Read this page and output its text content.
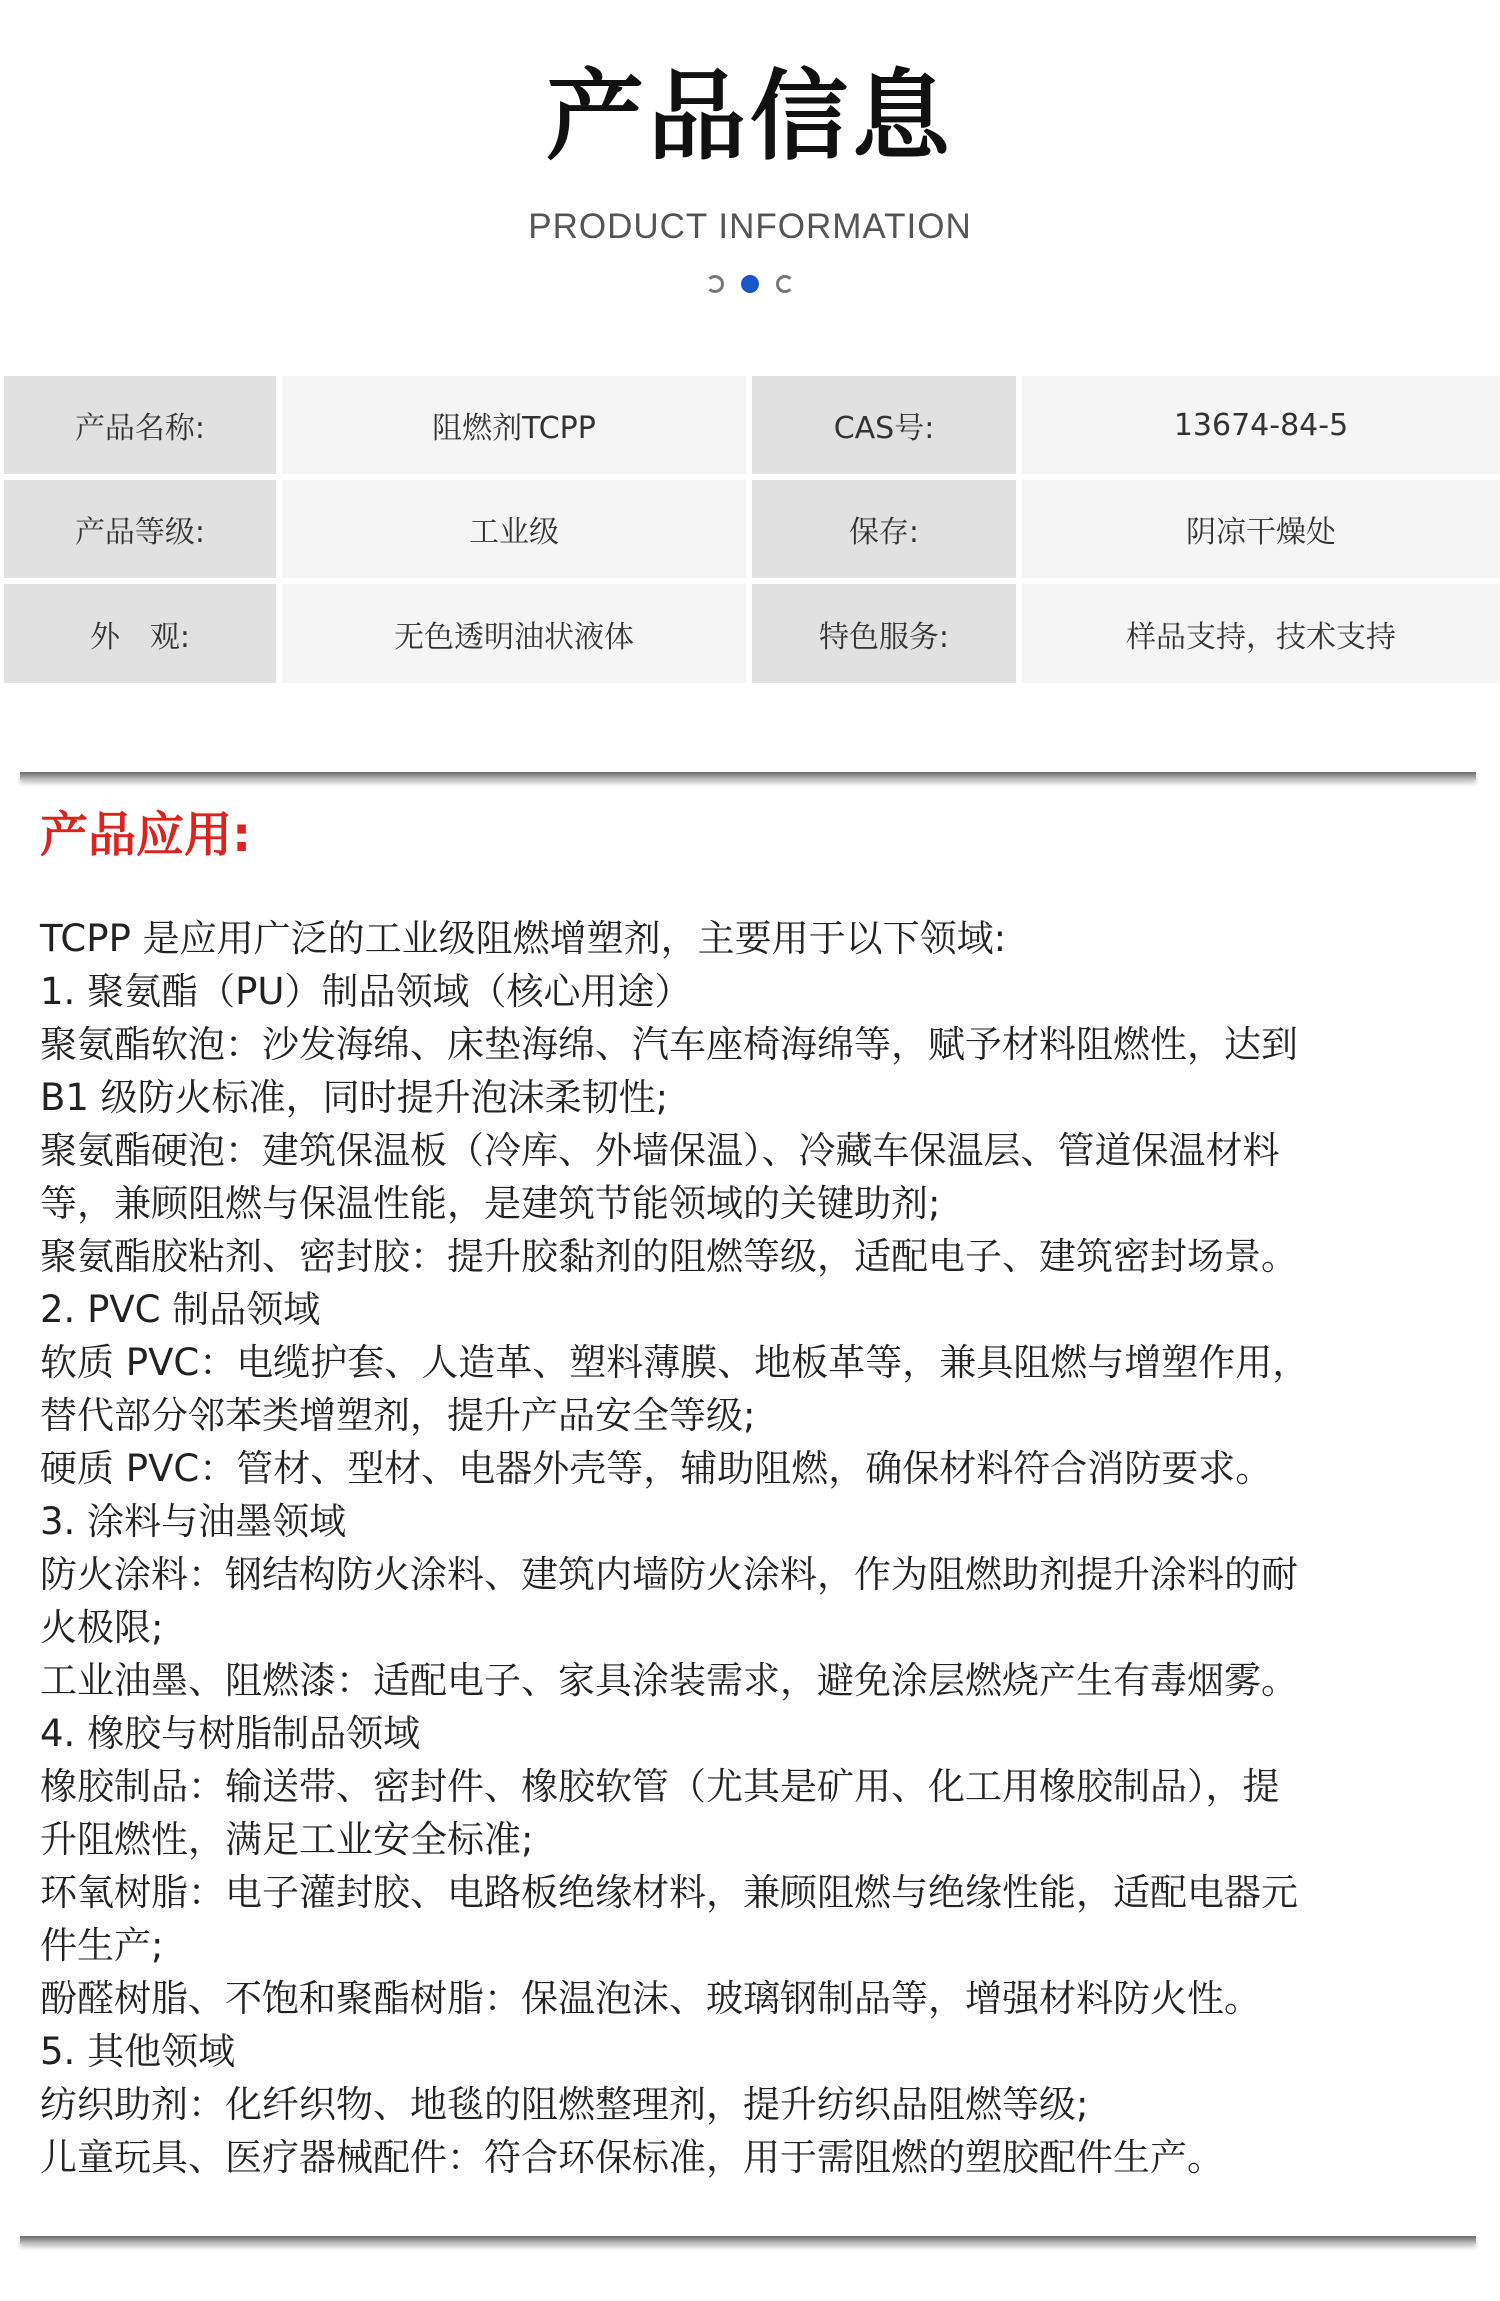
产品信息
PRODUCT INFORMATION
产品名称:	阻燃剂TCPP	CAS号:	13674-84-5
产品等级:	工业级	保存:	阴凉干燥处
外　观:	无色透明油状液体	特色服务:	样品支持，技术支持
产品应用:
TCPP 是应用广泛的工业级阻燃增塑剂，主要用于以下领域:
1. 聚氨酯（PU）制品领域（核心用途）
聚氨酯软泡：沙发海绵、床垫海绵、汽车座椅海绵等，赋予材料阻燃性，达到
B1 级防火标准，同时提升泡沫柔韧性;
聚氨酯硬泡：建筑保温板（冷库、外墙保温）、冷藏车保温层、管道保温材料
等，兼顾阻燃与保温性能，是建筑节能领域的关键助剂;
聚氨酯胶粘剂、密封胶：提升胶黏剂的阻燃等级，适配电子、建筑密封场景。
2. PVC 制品领域
软质 PVC：电缆护套、人造革、塑料薄膜、地板革等，兼具阻燃与增塑作用，
替代部分邻苯类增塑剂，提升产品安全等级;
硬质 PVC：管材、型材、电器外壳等，辅助阻燃，确保材料符合消防要求。
3. 涂料与油墨领域
防火涂料：钢结构防火涂料、建筑内墙防火涂料，作为阻燃助剂提升涂料的耐
火极限;
工业油墨、阻燃漆：适配电子、家具涂装需求，避免涂层燃烧产生有毒烟雾。
4. 橡胶与树脂制品领域
橡胶制品：输送带、密封件、橡胶软管（尤其是矿用、化工用橡胶制品），提
升阻燃性，满足工业安全标准;
环氧树脂：电子灌封胶、电路板绝缘材料，兼顾阻燃与绝缘性能，适配电器元
件生产;
酚醛树脂、不饱和聚酯树脂：保温泡沫、玻璃钢制品等，增强材料防火性。
5. 其他领域
纺织助剂：化纤织物、地毯的阻燃整理剂，提升纺织品阻燃等级;
儿童玩具、医疗器械配件：符合环保标准，用于需阻燃的塑胶配件生产。
